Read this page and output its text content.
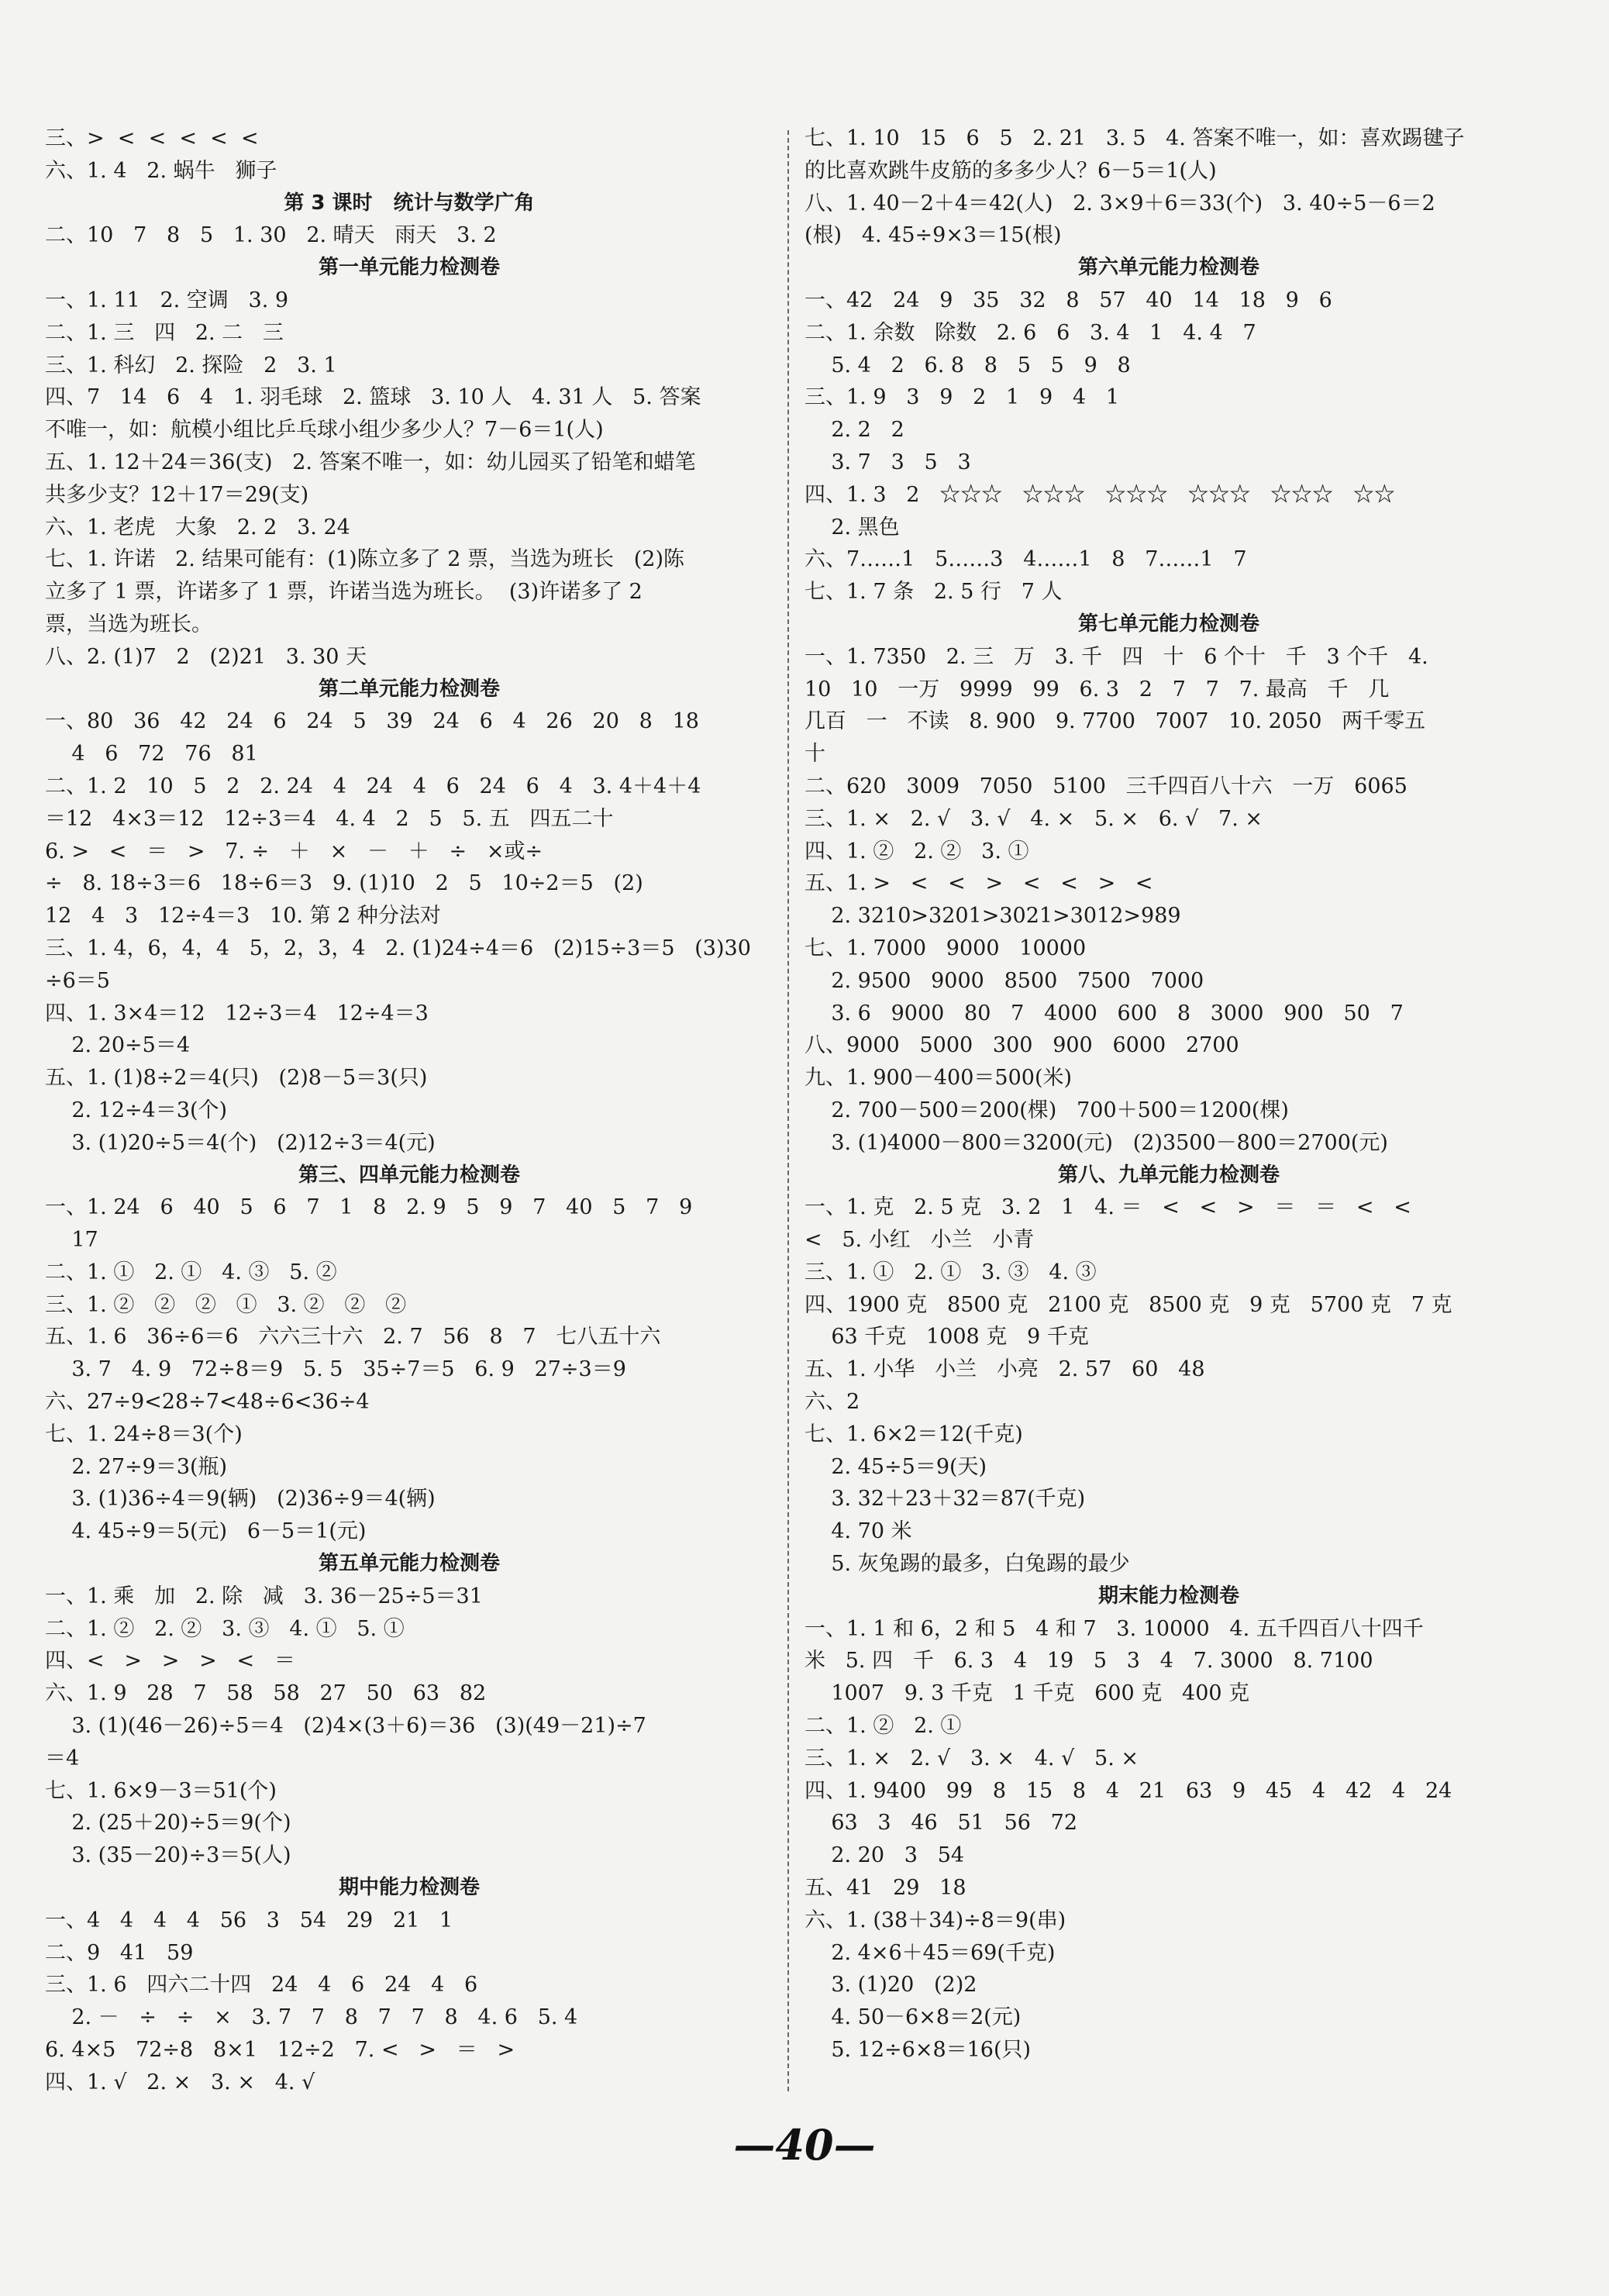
三、>  <  <  <  <  <
六、1. 4   2. 蜗牛   狮子
第 3 课时   统计与数学广角
二、10   7   8   5   1. 30   2. 晴天   雨天   3. 2
第一单元能力检测卷
一、1. 11   2. 空调   3. 9
二、1. 三   四   2. 二   三
三、1. 科幻   2. 探险   2   3. 1
四、7   14   6   4   1. 羽毛球   2. 篮球   3. 10 人   4. 31 人   5. 答案
不唯一，如：航模小组比乒乓球小组少多少人？7－6＝1(人)
五、1. 12＋24＝36(支)   2. 答案不唯一，如：幼儿园买了铅笔和蜡笔
共多少支？12＋17＝29(支)
六、1. 老虎   大象   2. 2   3. 24
七、1. 许诺   2. 结果可能有：(1)陈立多了 2 票，当选为班长   (2)陈
立多了 1 票，许诺多了 1 票，许诺当选为班长。  (3)许诺多了 2
票，当选为班长。
八、2. (1)7   2   (2)21   3. 30 天
第二单元能力检测卷
一、80   36   42   24   6   24   5   39   24   6   4   26   20   8   18
4   6   72   76   81
二、1. 2   10   5   2   2. 24   4   24   4   6   24   6   4   3. 4＋4＋4
＝12   4×3＝12   12÷3＝4   4. 4   2   5   5. 五   四五二十
6. >   <   ＝   >   7. ÷   ＋   ×   －   ＋   ÷   ×或÷
÷   8. 18÷3＝6   18÷6＝3   9. (1)10   2   5   10÷2＝5   (2)
12   4   3   12÷4＝3   10. 第 2 种分法对
三、1. 4，6，4，4   5，2，3，4   2. (1)24÷4＝6   (2)15÷3＝5   (3)30
÷6＝5
四、1. 3×4＝12   12÷3＝4   12÷4＝3
2. 20÷5＝4
五、1. (1)8÷2＝4(只)   (2)8－5＝3(只)
2. 12÷4＝3(个)
3. (1)20÷5＝4(个)   (2)12÷3＝4(元)
第三、四单元能力检测卷
一、1. 24   6   40   5   6   7   1   8   2. 9   5   9   7   40   5   7   9
17
二、1. ①   2. ①   4. ③   5. ②
三、1. ②   ②   ②   ①   3. ②   ②   ②
五、1. 6   36÷6＝6   六六三十六   2. 7   56   8   7   七八五十六
3. 7   4. 9   72÷8＝9   5. 5   35÷7＝5   6. 9   27÷3＝9
六、27÷9<28÷7<48÷6<36÷4
七、1. 24÷8＝3(个)
2. 27÷9＝3(瓶)
3. (1)36÷4＝9(辆)   (2)36÷9＝4(辆)
4. 45÷9＝5(元)   6－5＝1(元)
第五单元能力检测卷
一、1. 乘   加   2. 除   减   3. 36－25÷5＝31
二、1. ②   2. ②   3. ③   4. ①   5. ①
四、<   >   >   >   <   ＝
六、1. 9   28   7   58   58   27   50   63   82
3. (1)(46－26)÷5＝4   (2)4×(3＋6)＝36   (3)(49－21)÷7
＝4
七、1. 6×9－3＝51(个)
2. (25＋20)÷5＝9(个)
3. (35－20)÷3＝5(人)
期中能力检测卷
一、4   4   4   4   56   3   54   29   21   1
二、9   41   59
三、1. 6   四六二十四   24   4   6   24   4   6
2. －   ÷   ÷   ×   3. 7   7   8   7   7   8   4. 6   5. 4
6. 4×5   72÷8   8×1   12÷2   7. <   >   ＝   >
四、1. √   2. ×   3. ×   4. √
七、1. 10   15   6   5   2. 21   3. 5   4. 答案不唯一，如：喜欢踢毽子
的比喜欢跳牛皮筋的多多少人？6－5＝1(人)
八、1. 40－2＋4＝42(人)   2. 3×9＋6＝33(个)   3. 40÷5－6＝2
(根)   4. 45÷9×3＝15(根)
第六单元能力检测卷
一、42   24   9   35   32   8   57   40   14   18   9   6
二、1. 余数   除数   2. 6   6   3. 4   1   4. 4   7
5. 4   2   6. 8   8   5   5   9   8
三、1. 9   3   9   2   1   9   4   1
2. 2   2
3. 7   3   5   3
四、1. 3   2   ☆☆☆   ☆☆☆   ☆☆☆   ☆☆☆   ☆☆☆   ☆☆
2. 黑色
六、7……1   5……3   4……1   8   7……1   7
七、1. 7 条   2. 5 行   7 人
第七单元能力检测卷
一、1. 7350   2. 三   万   3. 千   四   十   6 个十   千   3 个千   4.
10   10   一万   9999   99   6. 3   2   7   7   7. 最高   千   几
几百   一   不读   8. 900   9. 7700   7007   10. 2050   两千零五
十
二、620   3009   7050   5100   三千四百八十六   一万   6065
三、1. ×   2. √   3. √   4. ×   5. ×   6. √   7. ×
四、1. ②   2. ②   3. ①
五、1. >   <   <   >   <   <   >   <
2. 3210>3201>3021>3012>989
七、1. 7000   9000   10000
2. 9500   9000   8500   7500   7000
3. 6   9000   80   7   4000   600   8   3000   900   50   7
八、9000   5000   300   900   6000   2700
九、1. 900－400＝500(米)
2. 700－500＝200(棵)   700＋500＝1200(棵)
3. (1)4000－800＝3200(元)   (2)3500－800＝2700(元)
第八、九单元能力检测卷
一、1. 克   2. 5 克   3. 2   1   4. ＝   <   <   >   ＝   ＝   <   <
<   5. 小红   小兰   小青
三、1. ①   2. ①   3. ③   4. ③
四、1900 克   8500 克   2100 克   8500 克   9 克   5700 克   7 克
63 千克   1008 克   9 千克
五、1. 小华   小兰   小亮   2. 57   60   48
六、2
七、1. 6×2＝12(千克)
2. 45÷5＝9(天)
3. 32＋23＋32＝87(千克)
4. 70 米
5. 灰兔踢的最多，白兔踢的最少
期末能力检测卷
一、1. 1 和 6，2 和 5   4 和 7   3. 10000   4. 五千四百八十四千
米   5. 四   千   6. 3   4   19   5   3   4   7. 3000   8. 7100
1007   9. 3 千克   1 千克   600 克   400 克
二、1. ②   2. ①
三、1. ×   2. √   3. ×   4. √   5. ×
四、1. 9400   99   8   15   8   4   21   63   9   45   4   42   4   24
63   3   46   51   56   72
2. 20   3   54
五、41   29   18
六、1. (38＋34)÷8＝9(串)
2. 4×6＋45＝69(千克)
3. (1)20   (2)2
4. 50－6×8＝2(元)
5. 12÷6×8＝16(只)
—40—
